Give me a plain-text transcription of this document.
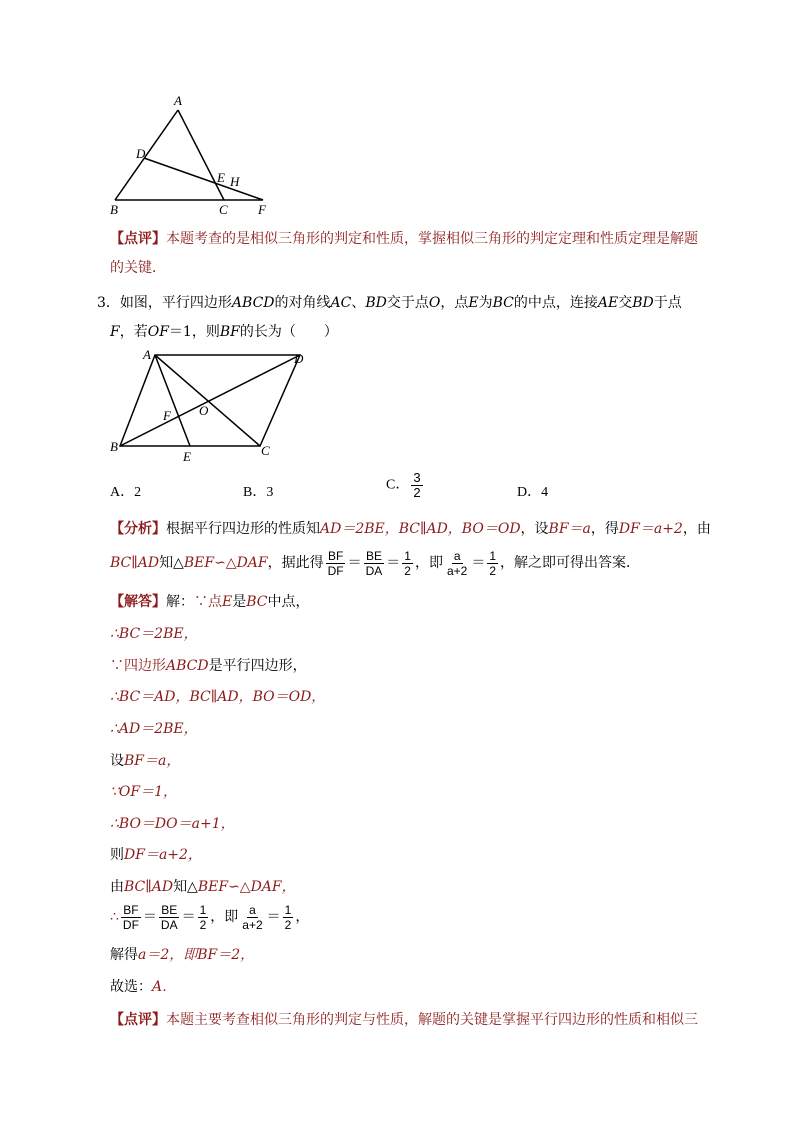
A
D
E H
B	C F
【点评】本题考查的是相似三角形的判定和性质，掌握相似三角形的判定定理和性质定理是解题
的关键．
3．如图，平行四边形ABCD的对角线AC、BD交于点O，点E为BC的中点，连接AE交BD于点
F，若OF＝1，则BF的长为（　　）
A	D
F O
B
E	C
A．2	B．3	C． $\frac{3}{2}$	D．4
【分析】根据平行四边形的性质知AD＝2BE，BC∥AD，BO＝OD，设BF＝a，得DF＝a+2，由
BC∥AD知△BEF∽△DAF，据此得 $\frac{BF}{DF} = \frac{BE}{DA} = \frac{1}{2}$ ，即 $\frac{a}{a+2} = \frac{1}{2}$ ，解之即可得出答案．
【解答】解：∵点E是BC中点，
∴BC＝2BE，
∵四边形ABCD是平行四边形，
∴BC＝AD，BC∥AD，BO＝OD，
∴AD＝2BE，
设BF＝a，
∵OF＝1，
∴BO＝DO＝a+1，
则DF＝a+2，
由BC∥AD知△BEF∽△DAF，
∴ $\frac{BF}{DF} = \frac{BE}{DA} = \frac{1}{2}$ ，即 $\frac{a}{a+2} = \frac{1}{2}$ ，
解得a＝2，即BF＝2，
故选：A．
【点评】本题主要考查相似三角形的判定与性质，解题的关键是掌握平行四边形的性质和相似三
